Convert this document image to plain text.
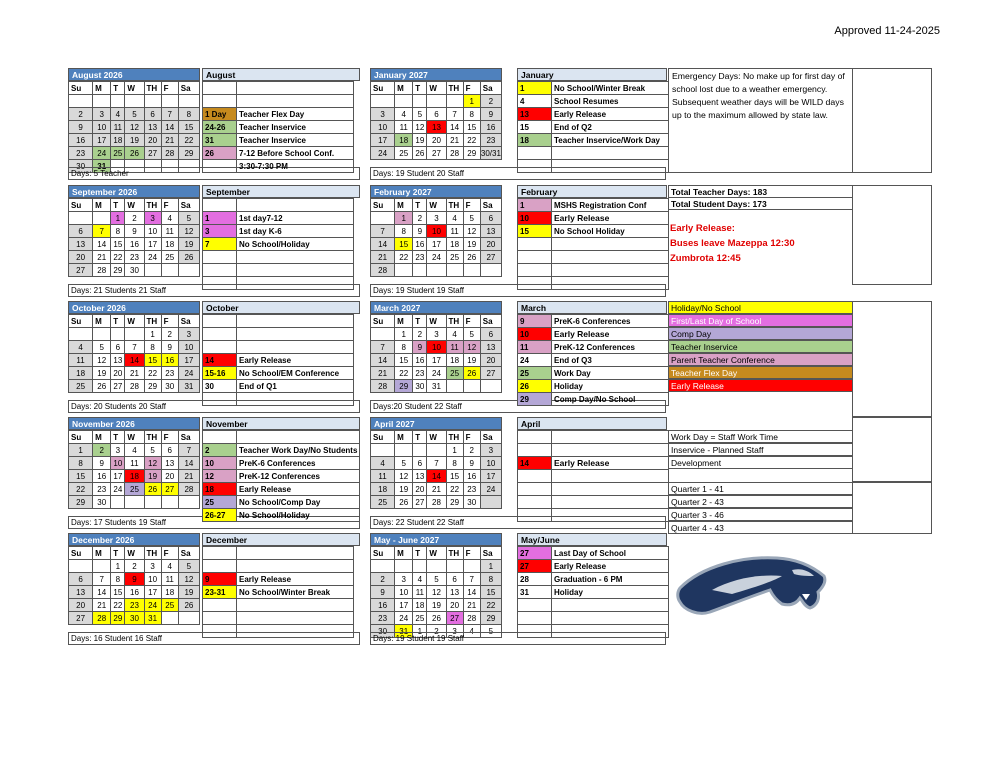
Approved 11-24-2025
August 2026	August
Su	M	T	W	TH	F	Sa

2	3	4	5	6	7	8
9	10	11	12	13	14	15
16	17	18	19	20	21	22
23	24	25	26	27	28	29
30	31					
Days: 5 Teacher

1 Day	Teacher Flex Day
24-26	Teacher Inservice
31	Teacher Inservice
26	7-12 Before School Conf.
	3:30-7:30 PM
September 2026	September
Su	M	T	W	TH	F	Sa
		1	2	3	4	5
6	7	8	9	10	11	12
13	14	15	16	17	18	19
20	21	22	23	24	25	26
27	28	29	30			
Days: 21 Students 21 Staff

1	1st day7-12
3	1st day K-6
7	No School/Holiday

October 2026	October
Su	M	T	W	TH	F	Sa
				1	2	3
4	5	6	7	8	9	10
11	12	13	14	15	16	17
18	19	20	21	22	23	24
25	26	27	28	29	30	31
Days: 20 Students 20 Staff

14	Early Release
15-16	No School/EM Conference
30	End of Q1

November 2026	November
Su	M	T	W	TH	F	Sa
1	2	3	4	5	6	7
8	9	10	11	12	13	14
15	16	17	18	19	20	21
22	23	24	25	26	27	28
29	30					
Days: 17 Students 19 Staff

2	Teacher Work Day/No Students
10	PreK-6 Conferences
12	PreK-12 Conferences
18	Early Release
25	No School/Comp Day
26-27	No School/Holiday
December 2026	December
Su	M	T	W	TH	F	Sa
		1	2	3	4	5
6	7	8	9	10	11	12
13	14	15	16	17	18	19
20	21	22	23	24	25	26
27	28	29	30	31		
Days: 16 Student 16 Staff

9	Early Release
23-31	No School/Winter Break

January 2027	January
Su	M	T	W	TH	F	Sa
					1	2
3	4	5	6	7	8	9
10	11	12	13	14	15	16
17	18	19	20	21	22	23
24	25	26	27	28	29	30/31
Days: 19 Student 20 Staff
1	No School/Winter Break
4	School Resumes
13	Early Release
15	End of Q2
18	Teacher Inservice/Work Day

February 2027	February
Su	M	T	W	TH	F	Sa
	1	2	3	4	5	6
7	8	9	10	11	12	13
14	15	16	17	18	19	20
21	22	23	24	25	26	27
28						
Days: 19 Student 19 Staff
1	MSHS Registration Conf
10	Early Release
15	No School Holiday

March 2027	March
Su	M	T	W	TH	F	Sa
	1	2	3	4	5	6
7	8	9	10	11	12	13
14	15	16	17	18	19	20
21	22	23	24	25	26	27
28	29	30	31			
Days:20 Student 22 Staff
9	PreK-6 Conferences
10	Early Release
11	PreK-12 Conferences
24	End of Q3
25	Work Day
26	Holiday
29	Comp Day/No School
April 2027	April
Su	M	T	W	TH	F	Sa
				1	2	3
4	5	6	7	8	9	10
11	12	13	14	15	16	17
18	19	20	21	22	23	24
25	26	27	28	29	30	
Days: 22 Student 22 Staff

14	Early Release

May - June 2027	May/June
Su	M	T	W	TH	F	Sa
						1
2	3	4	5	6	7	8
9	10	11	12	13	14	15
16	17	18	19	20	21	22
23	24	25	26	27	28	29
30	31	1	2	3	4	5
Days: 19 Student 19 Staff
27	Last Day of School
27	Early Release
28	Graduation - 6 PM
31	Holiday

Emergency Days: No make up for first day of school lost due to a weather emergency. Subsequent weather days will be WILD days up to the maximum allowed by state law.
Total Teacher Days: 183
Total Student Days: 173
Early Release:
Buses leave Mazeppa 12:30
Zumbrota 12:45
Holiday/No School
First/Last Day of School
Comp Day
Teacher Inservice
Parent Teacher Conference
Teacher Flex Day
Early Release
Work Day = Staff Work Time
Inservice - Planned Staff
Development
Quarter 1 - 41
Quarter 2 - 43
Quarter 3 - 46
Quarter 4 - 43
